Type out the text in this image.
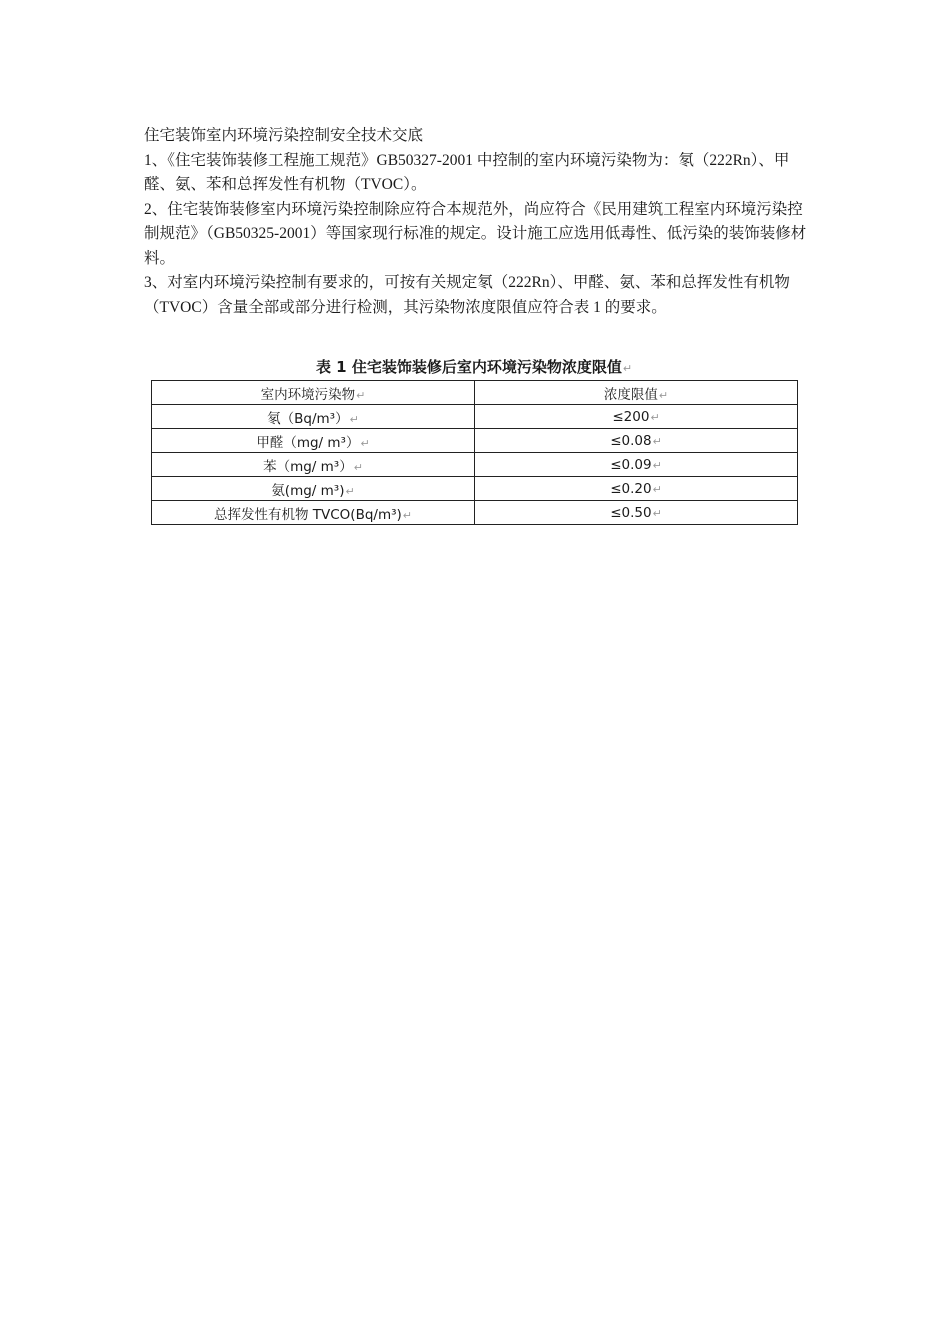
住宅装饰室内环境污染控制安全技术交底

1、《住宅装饰装修工程施工规范》GB50327-2001 中控制的室内环境污染物为：氡（222Rn）、甲醛、氨、苯和总挥发性有机物（TVOC）。

2、住宅装饰装修室内环境污染控制除应符合本规范外，尚应符合《民用建筑工程室内环境污染控制规范》（GB50325-2001）等国家现行标准的规定。设计施工应选用低毒性、低污染的装饰装修材料。

3、对室内环境污染控制有要求的，可按有关规定氡（222Rn）、甲醛、氨、苯和总挥发性有机物（TVOC）含量全部或部分进行检测，其污染物浓度限值应符合表 1 的要求。

表 1 住宅装饰装修后室内环境污染物浓度限值↵
室内环境污染物↵	浓度限值↵
氡（Bq/m³）↵	≤200↵
甲醛（mg/ m³）↵	≤0.08↵
苯（mg/ m³）↵	≤0.09↵
氨(mg/ m³)↵	≤0.20↵
总挥发性有机物 TVCO(Bq/m³)↵	≤0.50↵
